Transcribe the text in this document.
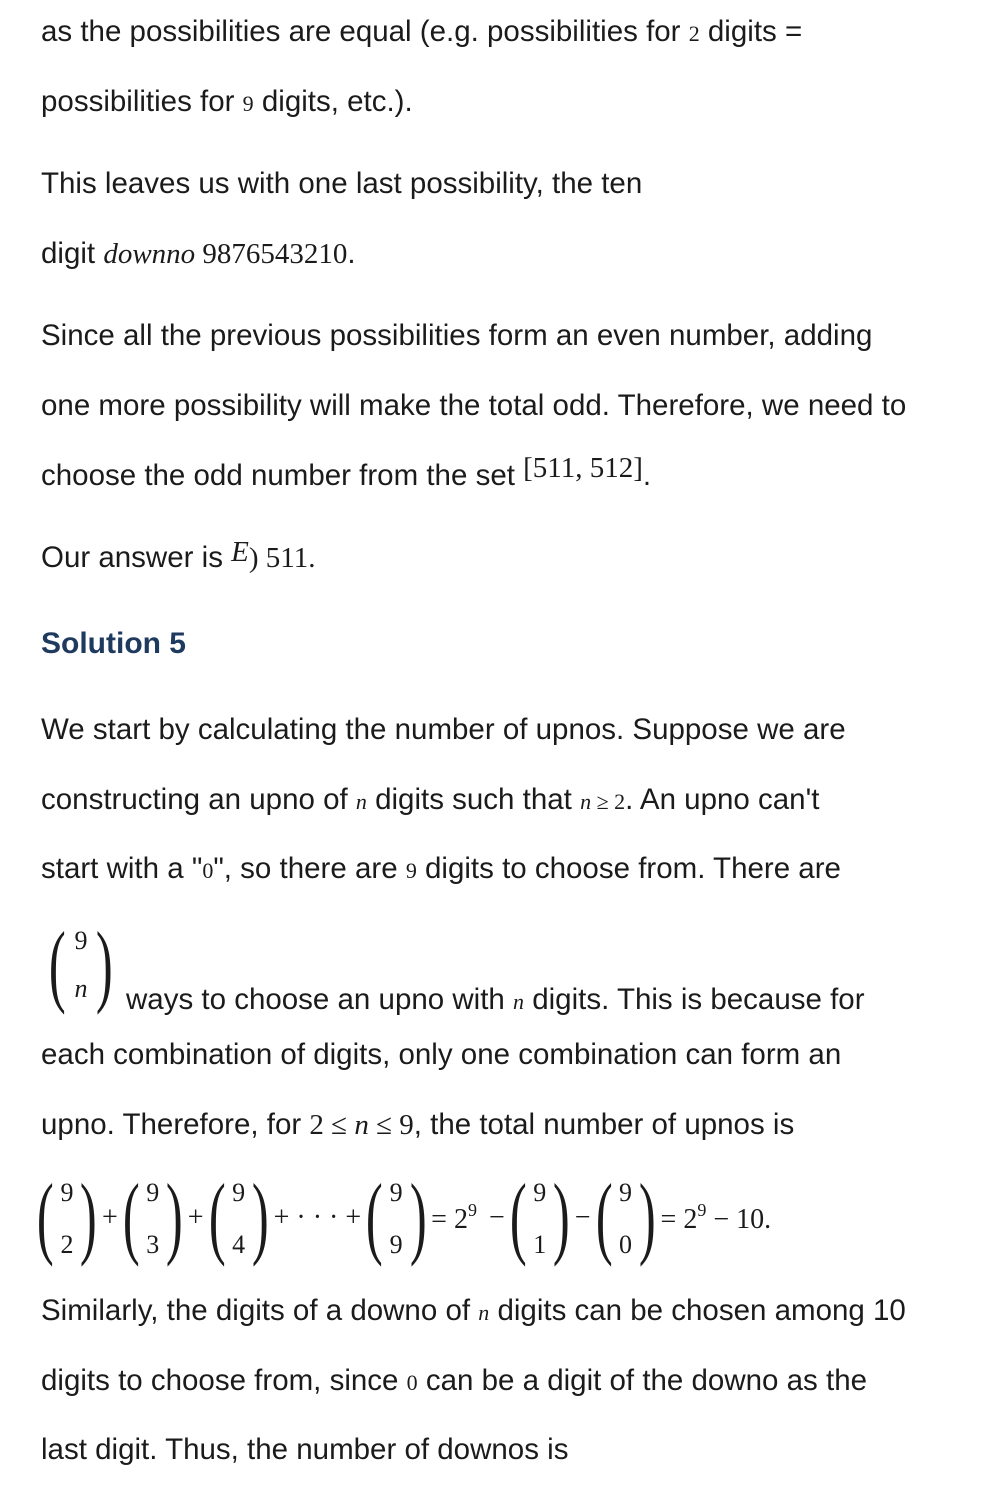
as the possibilities are equal (e.g. possibilities for 2 digits =
possibilities for 9 digits, etc.).
This leaves us with one last possibility, the ten
digit downno 9876543210.
Since all the previous possibilities form an even number, adding
one more possibility will make the total odd. Therefore, we need to
choose the odd number from the set [511, 512].
Our answer is E) 511.
Solution 5
We start by calculating the number of upnos. Suppose we are
constructing an upno of n digits such that n ≥ 2. An upno can't
start with a "0", so there are 9 digits to choose from. There are
( 9
n ) ways to choose an upno with n digits. This is because for
each combination of digits, only one combination can form an
upno. Therefore, for 2 ≤ n ≤ 9, the total number of upnos is
( 9
2 ) + ( 9
3 ) + ( 9
4 ) + · · · + ( 9
9 ) = $2^9$ − ( 9
1 ) − ( 9
0 ) = $2^9 - 10$.
Similarly, the digits of a downo of n digits can be chosen among 10
digits to choose from, since 0 can be a digit of the downo as the
last digit. Thus, the number of downos is
